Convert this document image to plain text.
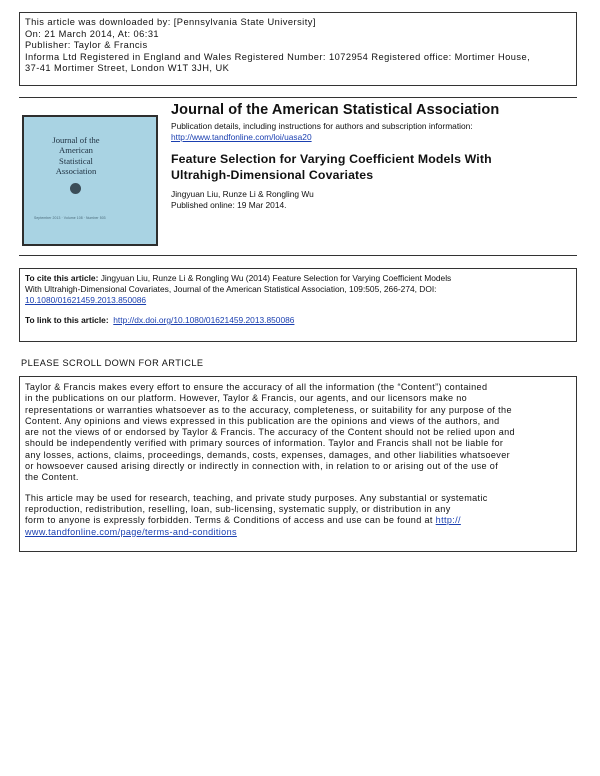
This article was downloaded by: [Pennsylvania State University]
On: 21 March 2014, At: 06:31
Publisher: Taylor & Francis
Informa Ltd Registered in England and Wales Registered Number: 1072954 Registered office: Mortimer House,
37-41 Mortimer Street, London W1T 3JH, UK
Journal of the American Statistical Association
September 2013 · Volume 108 · Number 503
Journal of the American Statistical Association
Publication details, including instructions for authors and subscription information:
http://www.tandfonline.com/loi/uasa20
Feature Selection for Varying Coefficient Models With
Ultrahigh-Dimensional Covariates
Jingyuan Liu, Runze Li & Rongling Wu
Published online: 19 Mar 2014.
To cite this article: Jingyuan Liu, Runze Li & Rongling Wu (2014) Feature Selection for Varying Coefficient Models
With Ultrahigh-Dimensional Covariates, Journal of the American Statistical Association, 109:505, 266-274, DOI:
10.1080/01621459.2013.850086
To link to this article: http://dx.doi.org/10.1080/01621459.2013.850086
PLEASE SCROLL DOWN FOR ARTICLE
Taylor & Francis makes every effort to ensure the accuracy of all the information (the “Content”) contained
in the publications on our platform. However, Taylor & Francis, our agents, and our licensors make no
representations or warranties whatsoever as to the accuracy, completeness, or suitability for any purpose of the
Content. Any opinions and views expressed in this publication are the opinions and views of the authors, and
are not the views of or endorsed by Taylor & Francis. The accuracy of the Content should not be relied upon and
should be independently verified with primary sources of information. Taylor and Francis shall not be liable for
any losses, actions, claims, proceedings, demands, costs, expenses, damages, and other liabilities whatsoever
or howsoever caused arising directly or indirectly in connection with, in relation to or arising out of the use of
the Content.
This article may be used for research, teaching, and private study purposes. Any substantial or systematic
reproduction, redistribution, reselling, loan, sub-licensing, systematic supply, or distribution in any
form to anyone is expressly forbidden. Terms & Conditions of access and use can be found at http://
www.tandfonline.com/page/terms-and-conditions
